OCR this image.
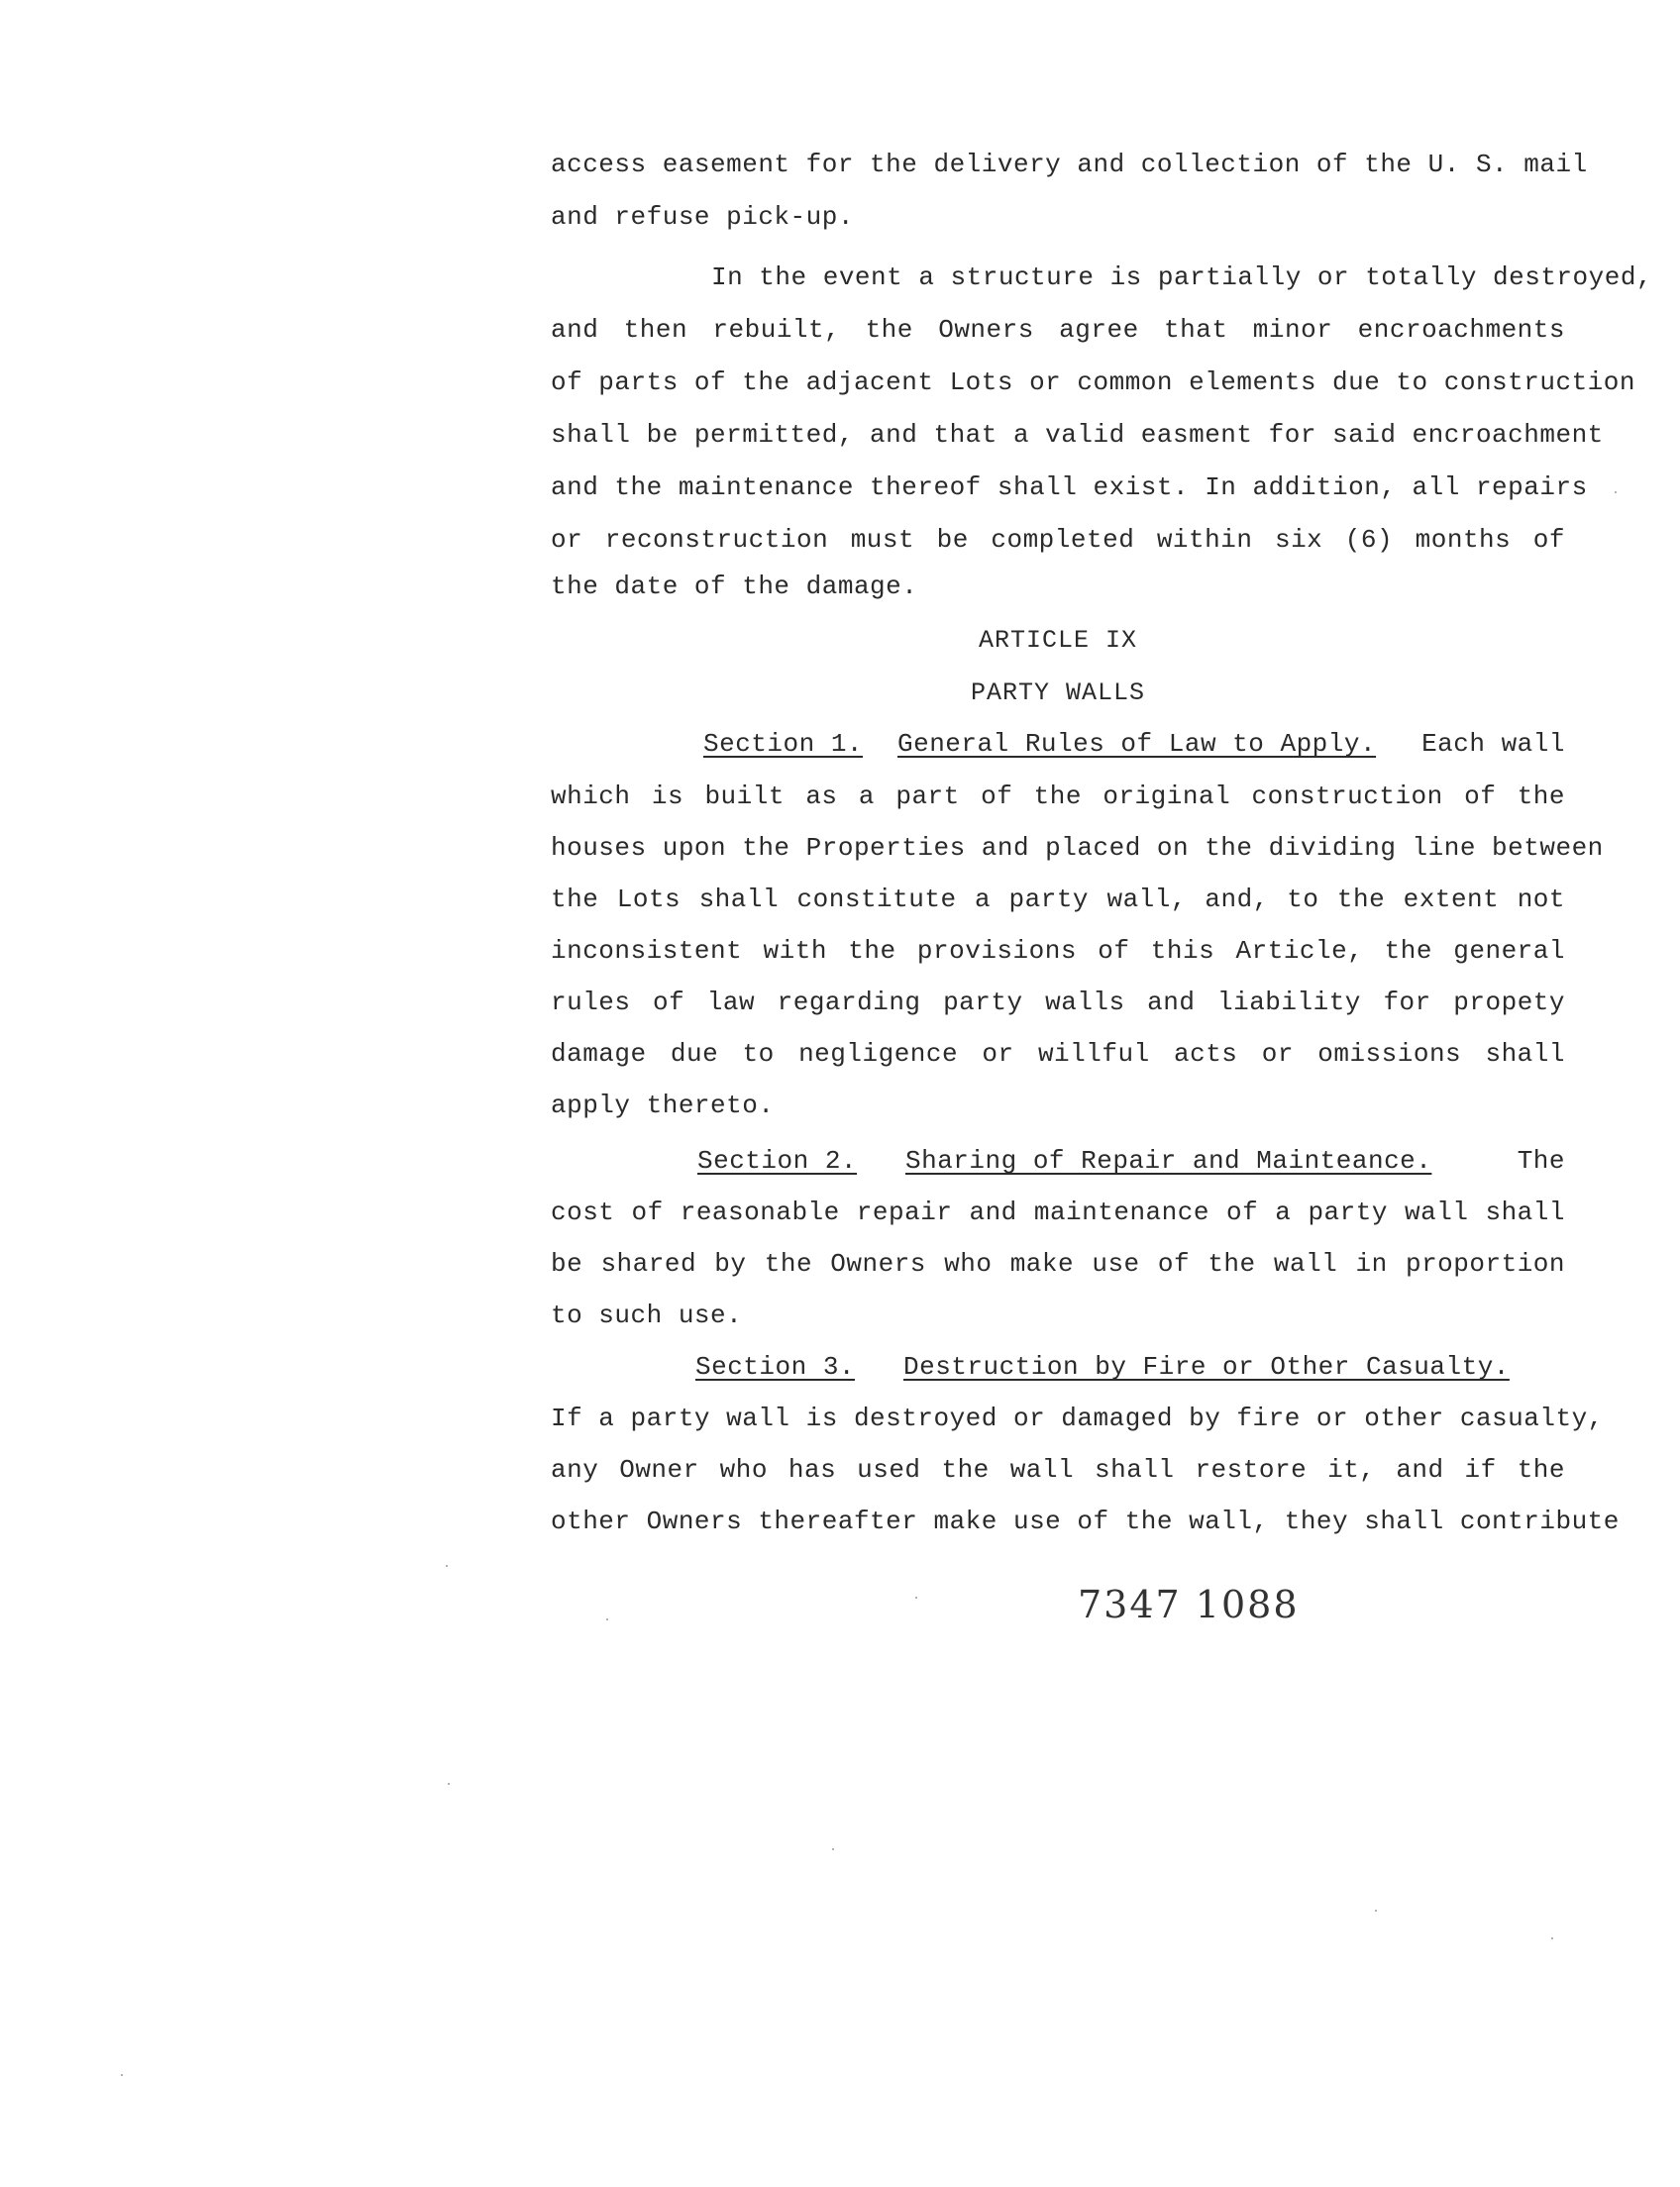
access easement for the delivery and collection of the U. S. mail
and refuse pick-up.
In the event a structure is partially or totally destroyed,
and then rebuilt, the Owners agree that minor encroachments
of parts of the adjacent Lots or common elements due to construction
shall be permitted, and that a valid easment for said encroachment
and the maintenance thereof shall exist. In addition, all repairs
or reconstruction must be completed within six (6) months of
the date of the damage.
ARTICLE IX
PARTY WALLS
Section 1. General Rules of Law to Apply. Each wall
which is built as a part of the original construction of the
houses upon the Properties and placed on the dividing line between
the Lots shall constitute a party wall, and, to the extent not
inconsistent with the provisions of this Article, the general
rules of law regarding party walls and liability for propety
damage due to negligence or willful acts or omissions shall
apply thereto.
Section 2. Sharing of Repair and Mainteance.	The
cost of reasonable repair and maintenance of a party wall shall
be shared by the Owners who make use of the wall in proportion
to such use.
Section 3. Destruction by Fire or Other Casualty.
If a party wall is destroyed or damaged by fire or other casualty,
any Owner who has used the wall shall restore it, and if the
other Owners thereafter make use of the wall, they shall contribute
7347 1088
